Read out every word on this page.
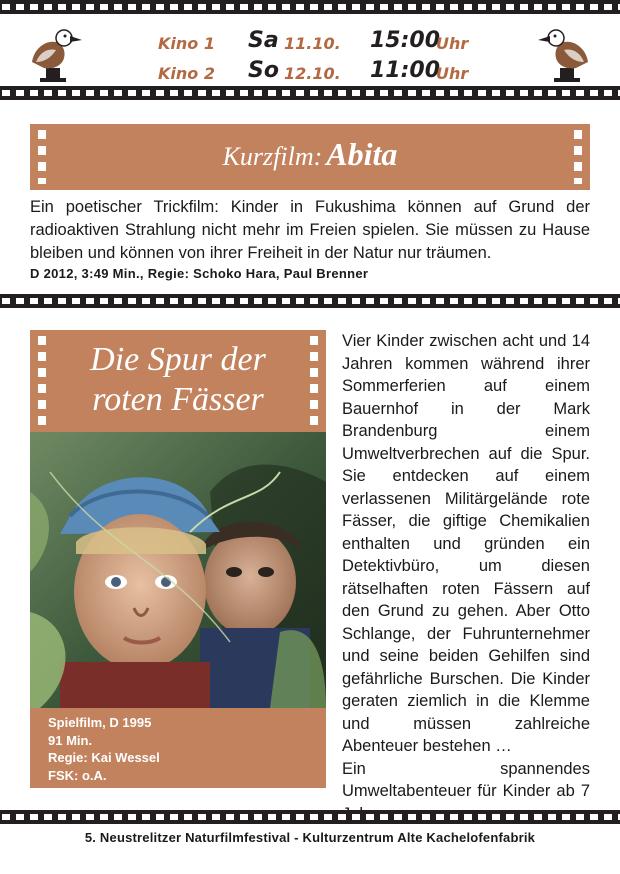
Kino 1 Sa 11.10. 15:00
Uhr
Kino 2 So 12.10. 11:00
Uhr
Kurzfilm: Abita
Ein poetischer Trickfilm: Kinder in Fukushima können auf Grund der radioaktiven Strahlung nicht mehr im Freien spielen. Sie müssen zu Hause bleiben und können von ihrer Freiheit in der Natur nur träumen.
D 2012, 3:49 Min., Regie: Schoko Hara, Paul Brenner
Die Spur der
roten Fässer
Spielfilm, D 1995
91 Min.
Regie: Kai Wessel
FSK: o.A.
Vier Kinder zwischen acht und 14 Jahren kommen während ihrer Sommerferien auf einem Bauernhof in der Mark Brandenburg einem Umweltverbrechen auf die Spur. Sie entdecken auf einem verlassenen Militärgelände rote Fässer, die giftige Chemikalien enthalten und gründen ein Detektivbüro, um diesen rätselhaften roten Fässern auf den Grund zu gehen. Aber Otto Schlange, der Fuhrunternehmer und seine beiden Gehilfen sind gefährliche Burschen. Die Kinder geraten ziemlich in die Klemme und müssen zahlreiche Abenteuer bestehen …
Ein spannendes Umweltabenteuer für Kinder ab 7
5. Neustrelitzer Naturfilmfestival - Kulturzentrum Alte Kachelofenfabrik
